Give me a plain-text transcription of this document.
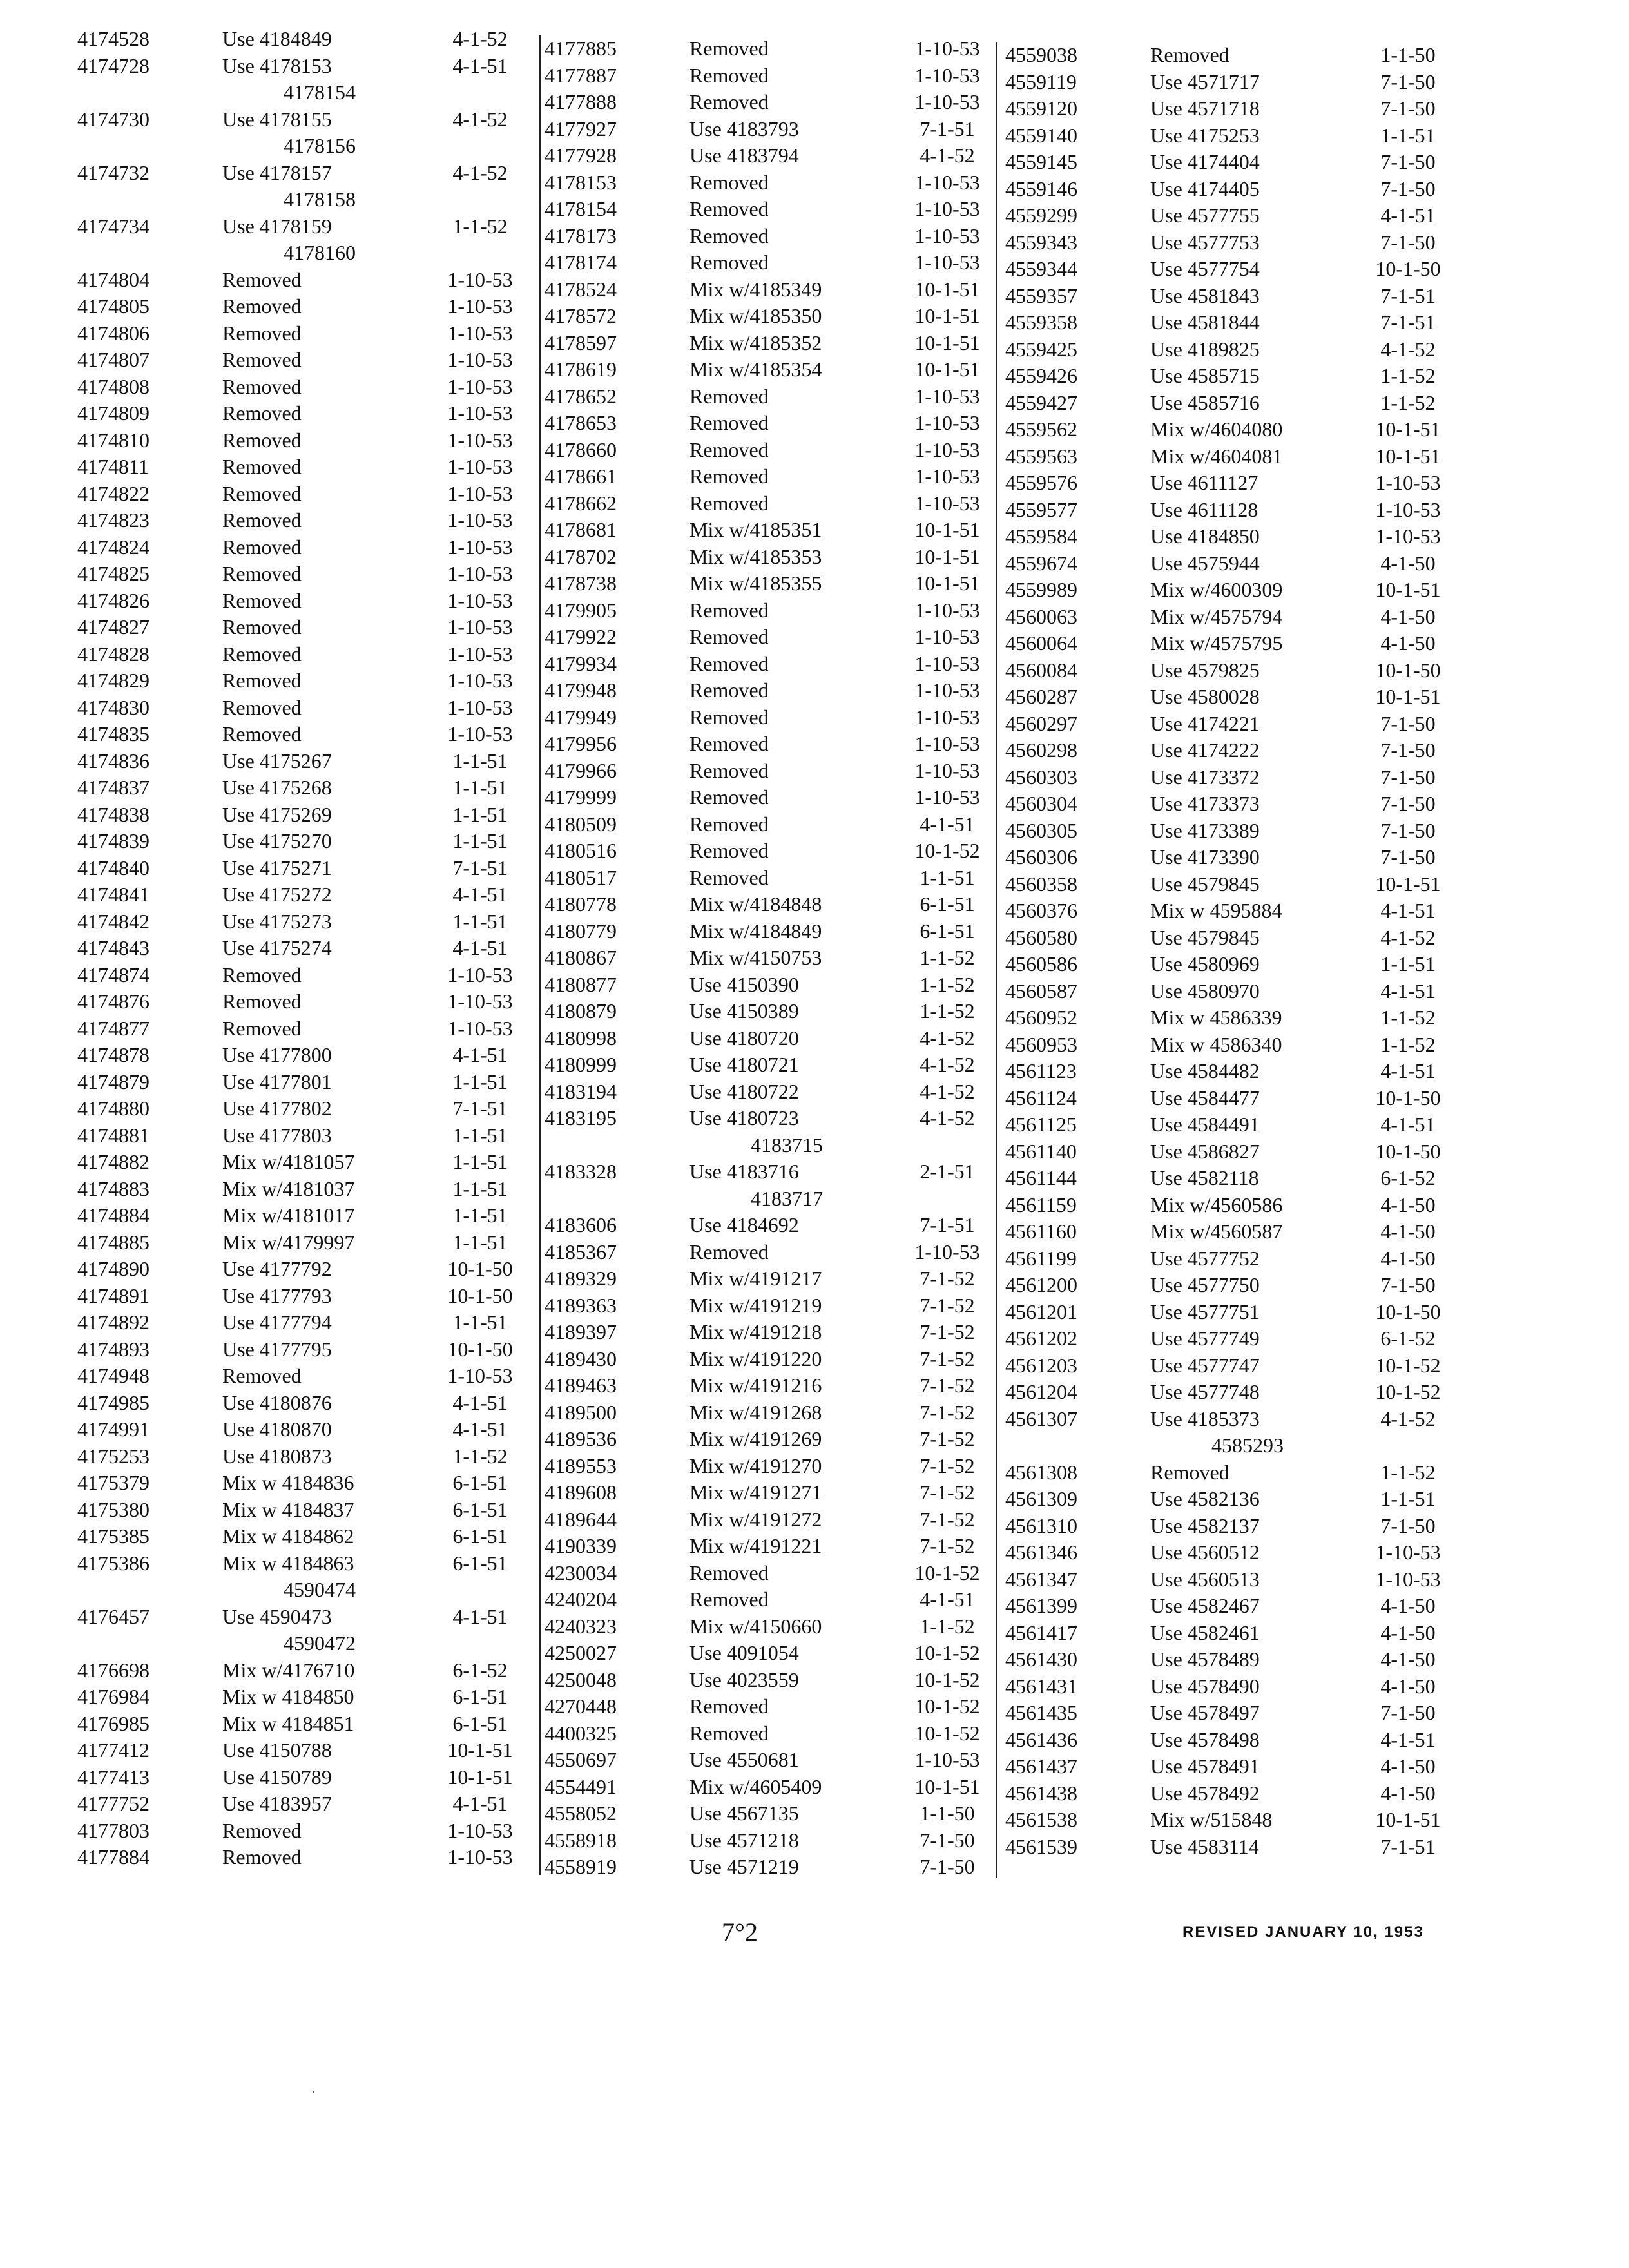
4174528	Use 4184849	4-1-52
4174728	Use 4178153	4-1-51
4178154
4174730	Use 4178155	4-1-52
4178156
4174732	Use 4178157	4-1-52
4178158
4174734	Use 4178159	1-1-52
4178160
4174804	Removed	1-10-53
4174805	Removed	1-10-53
4174806	Removed	1-10-53
4174807	Removed	1-10-53
4174808	Removed	1-10-53
4174809	Removed	1-10-53
4174810	Removed	1-10-53
4174811	Removed	1-10-53
4174822	Removed	1-10-53
4174823	Removed	1-10-53
4174824	Removed	1-10-53
4174825	Removed	1-10-53
4174826	Removed	1-10-53
4174827	Removed	1-10-53
4174828	Removed	1-10-53
4174829	Removed	1-10-53
4174830	Removed	1-10-53
4174835	Removed	1-10-53
4174836	Use 4175267	1-1-51
4174837	Use 4175268	1-1-51
4174838	Use 4175269	1-1-51
4174839	Use 4175270	1-1-51
4174840	Use 4175271	7-1-51
4174841	Use 4175272	4-1-51
4174842	Use 4175273	1-1-51
4174843	Use 4175274	4-1-51
4174874	Removed	1-10-53
4174876	Removed	1-10-53
4174877	Removed	1-10-53
4174878	Use 4177800	4-1-51
4174879	Use 4177801	1-1-51
4174880	Use 4177802	7-1-51
4174881	Use 4177803	1-1-51
4174882	Mix w/4181057	1-1-51
4174883	Mix w/4181037	1-1-51
4174884	Mix w/4181017	1-1-51
4174885	Mix w/4179997	1-1-51
4174890	Use 4177792	10-1-50
4174891	Use 4177793	10-1-50
4174892	Use 4177794	1-1-51
4174893	Use 4177795	10-1-50
4174948	Removed	1-10-53
4174985	Use 4180876	4-1-51
4174991	Use 4180870	4-1-51
4175253	Use 4180873	1-1-52
4175379	Mix w 4184836	6-1-51
4175380	Mix w 4184837	6-1-51
4175385	Mix w 4184862	6-1-51
4175386	Mix w 4184863	6-1-51
4590474
4176457	Use 4590473	4-1-51
4590472
4176698	Mix w/4176710	6-1-52
4176984	Mix w 4184850	6-1-51
4176985	Mix w 4184851	6-1-51
4177412	Use 4150788	10-1-51
4177413	Use 4150789	10-1-51
4177752	Use 4183957	4-1-51
4177803	Removed	1-10-53
4177884	Removed	1-10-53
4177885	Removed	1-10-53
4177887	Removed	1-10-53
4177888	Removed	1-10-53
4177927	Use 4183793	7-1-51
4177928	Use 4183794	4-1-52
4178153	Removed	1-10-53
4178154	Removed	1-10-53
4178173	Removed	1-10-53
4178174	Removed	1-10-53
4178524	Mix w/4185349	10-1-51
4178572	Mix w/4185350	10-1-51
4178597	Mix w/4185352	10-1-51
4178619	Mix w/4185354	10-1-51
4178652	Removed	1-10-53
4178653	Removed	1-10-53
4178660	Removed	1-10-53
4178661	Removed	1-10-53
4178662	Removed	1-10-53
4178681	Mix w/4185351	10-1-51
4178702	Mix w/4185353	10-1-51
4178738	Mix w/4185355	10-1-51
4179905	Removed	1-10-53
4179922	Removed	1-10-53
4179934	Removed	1-10-53
4179948	Removed	1-10-53
4179949	Removed	1-10-53
4179956	Removed	1-10-53
4179966	Removed	1-10-53
4179999	Removed	1-10-53
4180509	Removed	4-1-51
4180516	Removed	10-1-52
4180517	Removed	1-1-51
4180778	Mix w/4184848	6-1-51
4180779	Mix w/4184849	6-1-51
4180867	Mix w/4150753	1-1-52
4180877	Use 4150390	1-1-52
4180879	Use 4150389	1-1-52
4180998	Use 4180720	4-1-52
4180999	Use 4180721	4-1-52
4183194	Use 4180722	4-1-52
4183195	Use 4180723	4-1-52
4183715
4183328	Use 4183716	2-1-51
4183717
4183606	Use 4184692	7-1-51
4185367	Removed	1-10-53
4189329	Mix w/4191217	7-1-52
4189363	Mix w/4191219	7-1-52
4189397	Mix w/4191218	7-1-52
4189430	Mix w/4191220	7-1-52
4189463	Mix w/4191216	7-1-52
4189500	Mix w/4191268	7-1-52
4189536	Mix w/4191269	7-1-52
4189553	Mix w/4191270	7-1-52
4189608	Mix w/4191271	7-1-52
4189644	Mix w/4191272	7-1-52
4190339	Mix w/4191221	7-1-52
4230034	Removed	10-1-52
4240204	Removed	4-1-51
4240323	Mix w/4150660	1-1-52
4250027	Use 4091054	10-1-52
4250048	Use 4023559	10-1-52
4270448	Removed	10-1-52
4400325	Removed	10-1-52
4550697	Use 4550681	1-10-53
4554491	Mix w/4605409	10-1-51
4558052	Use 4567135	1-1-50
4558918	Use 4571218	7-1-50
4558919	Use 4571219	7-1-50
4559038	Removed	1-1-50
4559119	Use 4571717	7-1-50
4559120	Use 4571718	7-1-50
4559140	Use 4175253	1-1-51
4559145	Use 4174404	7-1-50
4559146	Use 4174405	7-1-50
4559299	Use 4577755	4-1-51
4559343	Use 4577753	7-1-50
4559344	Use 4577754	10-1-50
4559357	Use 4581843	7-1-51
4559358	Use 4581844	7-1-51
4559425	Use 4189825	4-1-52
4559426	Use 4585715	1-1-52
4559427	Use 4585716	1-1-52
4559562	Mix w/4604080	10-1-51
4559563	Mix w/4604081	10-1-51
4559576	Use 4611127	1-10-53
4559577	Use 4611128	1-10-53
4559584	Use 4184850	1-10-53
4559674	Use 4575944	4-1-50
4559989	Mix w/4600309	10-1-51
4560063	Mix w/4575794	4-1-50
4560064	Mix w/4575795	4-1-50
4560084	Use 4579825	10-1-50
4560287	Use 4580028	10-1-51
4560297	Use 4174221	7-1-50
4560298	Use 4174222	7-1-50
4560303	Use 4173372	7-1-50
4560304	Use 4173373	7-1-50
4560305	Use 4173389	7-1-50
4560306	Use 4173390	7-1-50
4560358	Use 4579845	10-1-51
4560376	Mix w 4595884	4-1-51
4560580	Use 4579845	4-1-52
4560586	Use 4580969	1-1-51
4560587	Use 4580970	4-1-51
4560952	Mix w 4586339	1-1-52
4560953	Mix w 4586340	1-1-52
4561123	Use 4584482	4-1-51
4561124	Use 4584477	10-1-50
4561125	Use 4584491	4-1-51
4561140	Use 4586827	10-1-50
4561144	Use 4582118	6-1-52
4561159	Mix w/4560586	4-1-50
4561160	Mix w/4560587	4-1-50
4561199	Use 4577752	4-1-50
4561200	Use 4577750	7-1-50
4561201	Use 4577751	10-1-50
4561202	Use 4577749	6-1-52
4561203	Use 4577747	10-1-52
4561204	Use 4577748	10-1-52
4561307	Use 4185373	4-1-52
4585293
4561308	Removed	1-1-52
4561309	Use 4582136	1-1-51
4561310	Use 4582137	7-1-50
4561346	Use 4560512	1-10-53
4561347	Use 4560513	1-10-53
4561399	Use 4582467	4-1-50
4561417	Use 4582461	4-1-50
4561430	Use 4578489	4-1-50
4561431	Use 4578490	4-1-50
4561435	Use 4578497	7-1-50
4561436	Use 4578498	4-1-51
4561437	Use 4578491	4-1-50
4561438	Use 4578492	4-1-50
4561538	Mix w/515848	10-1-51
4561539	Use 4583114	7-1-51
7°2	REVISED JANUARY 10, 1953
